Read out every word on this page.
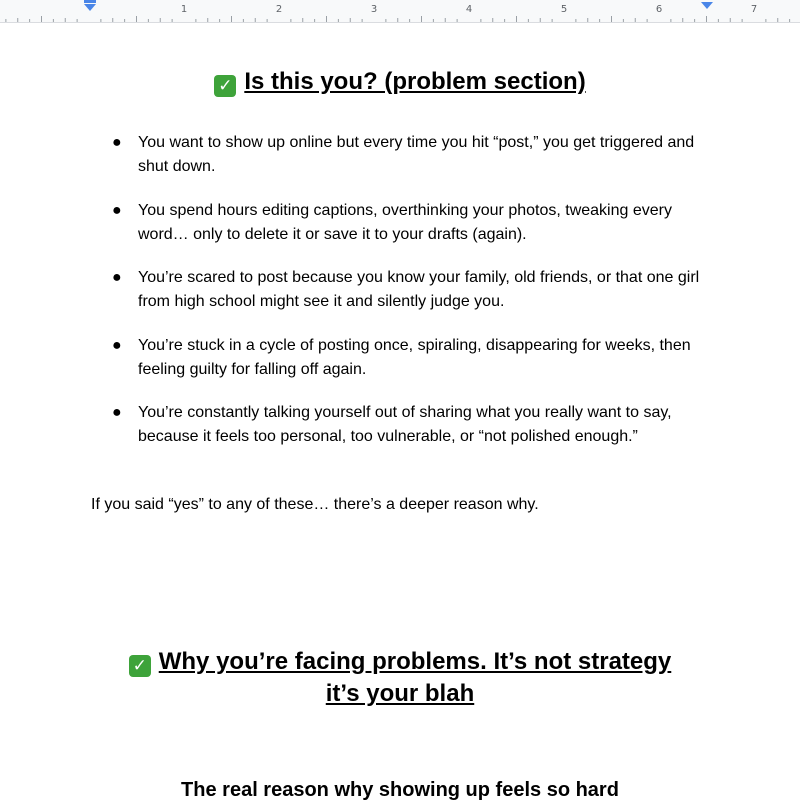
1	2	3	4	5	6	7
✓ Is this you? (problem section)
● You want to show up online but every time you hit “post,” you get triggered and shut down.
● You spend hours editing captions, overthinking your photos, tweaking every word… only to delete it or save it to your drafts (again).
● You’re scared to post because you know your family, old friends, or that one girl from high school might see it and silently judge you.
● You’re stuck in a cycle of posting once, spiraling, disappearing for weeks, then feeling guilty for falling off again.
● You’re constantly talking yourself out of sharing what you really want to say, because it feels too personal, too vulnerable, or “not polished enough.”
If you said “yes” to any of these… there’s a deeper reason why.
✓ Why you’re facing problems. It’s not strategy
it’s your blah
The real reason why showing up feels so hard
